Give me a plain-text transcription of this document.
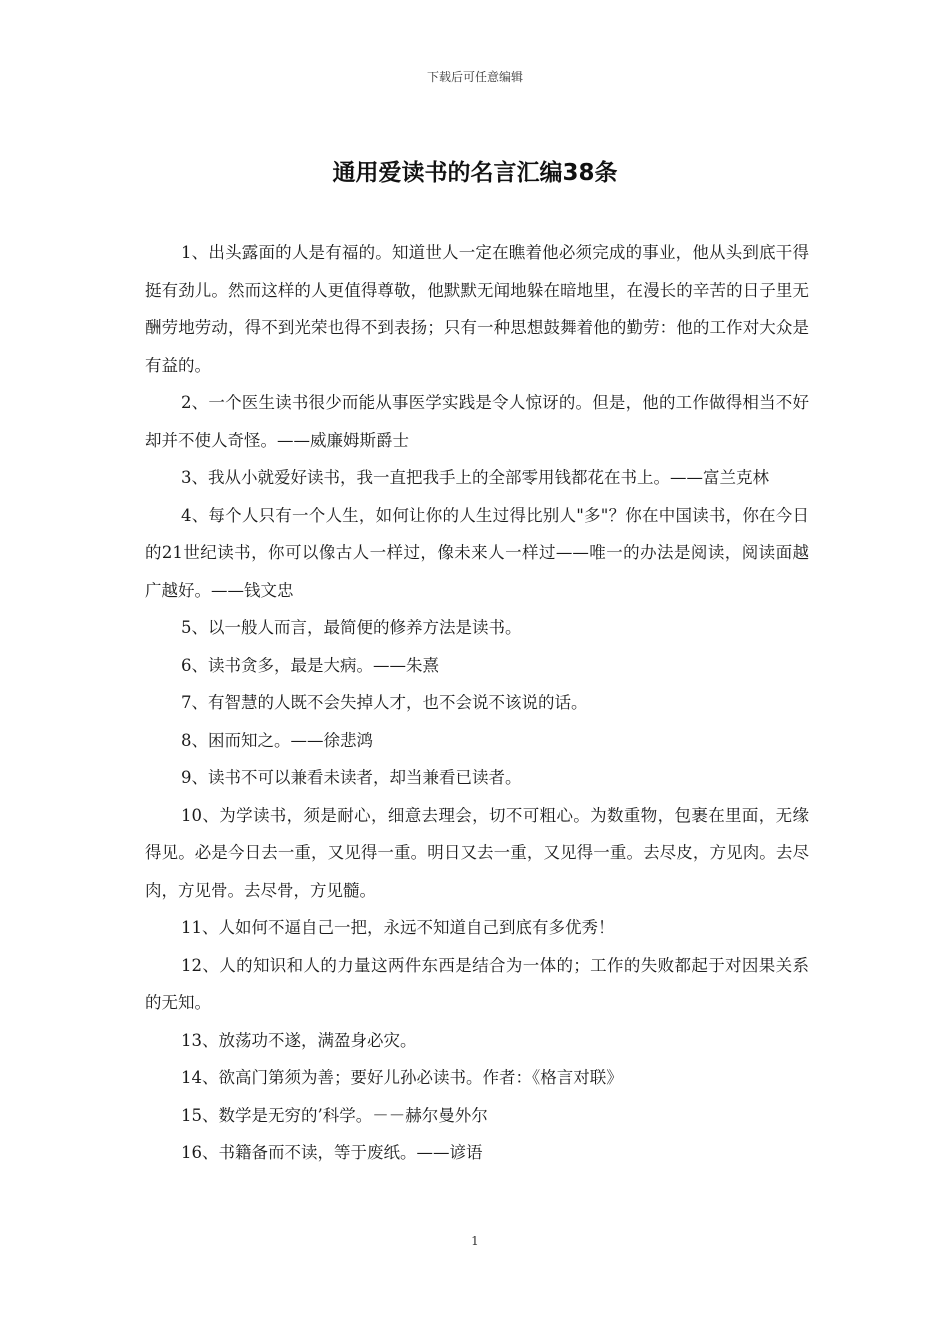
下载后可任意编辑
通用爱读书的名言汇编38条

1、出头露面的人是有福的。知道世人一定在瞧着他必须完成的事业，他从头到底干得挺有劲儿。然而这样的人更值得尊敬，他默默无闻地躲在暗地里，在漫长的辛苦的日子里无酬劳地劳动，得不到光荣也得不到表扬；只有一种思想鼓舞着他的勤劳：他的工作对大众是有益的。

2、一个医生读书很少而能从事医学实践是令人惊讶的。但是，他的工作做得相当不好却并不使人奇怪。——威廉姆斯爵士

3、我从小就爱好读书，我一直把我手上的全部零用钱都花在书上。——富兰克林

4、每个人只有一个人生，如何让你的人生过得比别人"多"？你在中国读书，你在今日的21世纪读书，你可以像古人一样过，像未来人一样过——唯一的办法是阅读，阅读面越广越好。——钱文忠

5、以一般人而言，最简便的修养方法是读书。

6、读书贪多，最是大病。——朱熹

7、有智慧的人既不会失掉人才，也不会说不该说的话。

8、困而知之。——徐悲鸿

9、读书不可以兼看未读者，却当兼看已读者。

10、为学读书，须是耐心，细意去理会，切不可粗心。为数重物，包裹在里面，无缘得见。必是今日去一重，又见得一重。明日又去一重，又见得一重。去尽皮，方见肉。去尽肉，方见骨。去尽骨，方见髓。

11、人如何不逼自己一把，永远不知道自己到底有多优秀！

12、人的知识和人的力量这两件东西是结合为一体的；工作的失败都起于对因果关系的无知。

13、放荡功不遂，满盈身必灾。

14、欲高门第须为善；要好儿孙必读书。作者：《格言对联》

15、数学是无穷的’科学。－－赫尔曼外尔

16、书籍备而不读，等于废纸。——谚语

1
